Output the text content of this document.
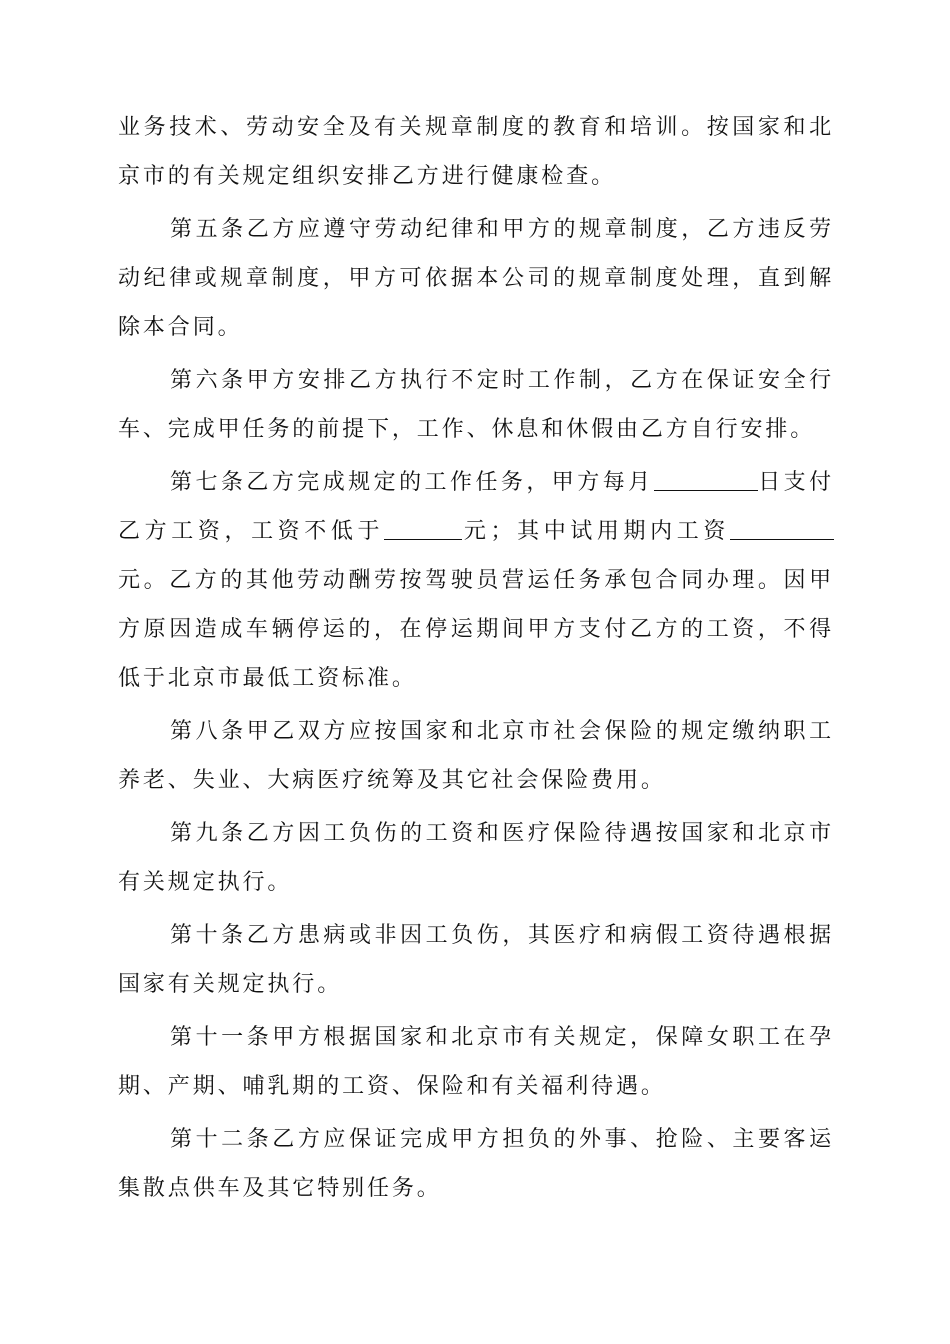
业务技术、劳动安全及有关规章制度的教育和培训。按国家和北京市的有关规定组织安排乙方进行健康检查。

第五条乙方应遵守劳动纪律和甲方的规章制度，乙方违反劳动纪律或规章制度，甲方可依据本公司的规章制度处理，直到解除本合同。

第六条甲方安排乙方执行不定时工作制，乙方在保证安全行车、完成甲任务的前提下，工作、休息和休假由乙方自行安排。

第七条乙方完成规定的工作任务，甲方每月	日支付乙方工资，工资不低于	元；其中试用期内工资元。乙方的其他劳动酬劳按驾驶员营运任务承包合同办理。因甲方原因造成车辆停运的，在停运期间甲方支付乙方的工资，不得低于北京市最低工资标准。

第八条甲乙双方应按国家和北京市社会保险的规定缴纳职工养老、失业、大病医疗统筹及其它社会保险费用。

第九条乙方因工负伤的工资和医疗保险待遇按国家和北京市有关规定执行。

第十条乙方患病或非因工负伤，其医疗和病假工资待遇根据国家有关规定执行。

第十一条甲方根据国家和北京市有关规定，保障女职工在孕期、产期、哺乳期的工资、保险和有关福利待遇。

第十二条乙方应保证完成甲方担负的外事、抢险、主要客运集散点供车及其它特别任务。
